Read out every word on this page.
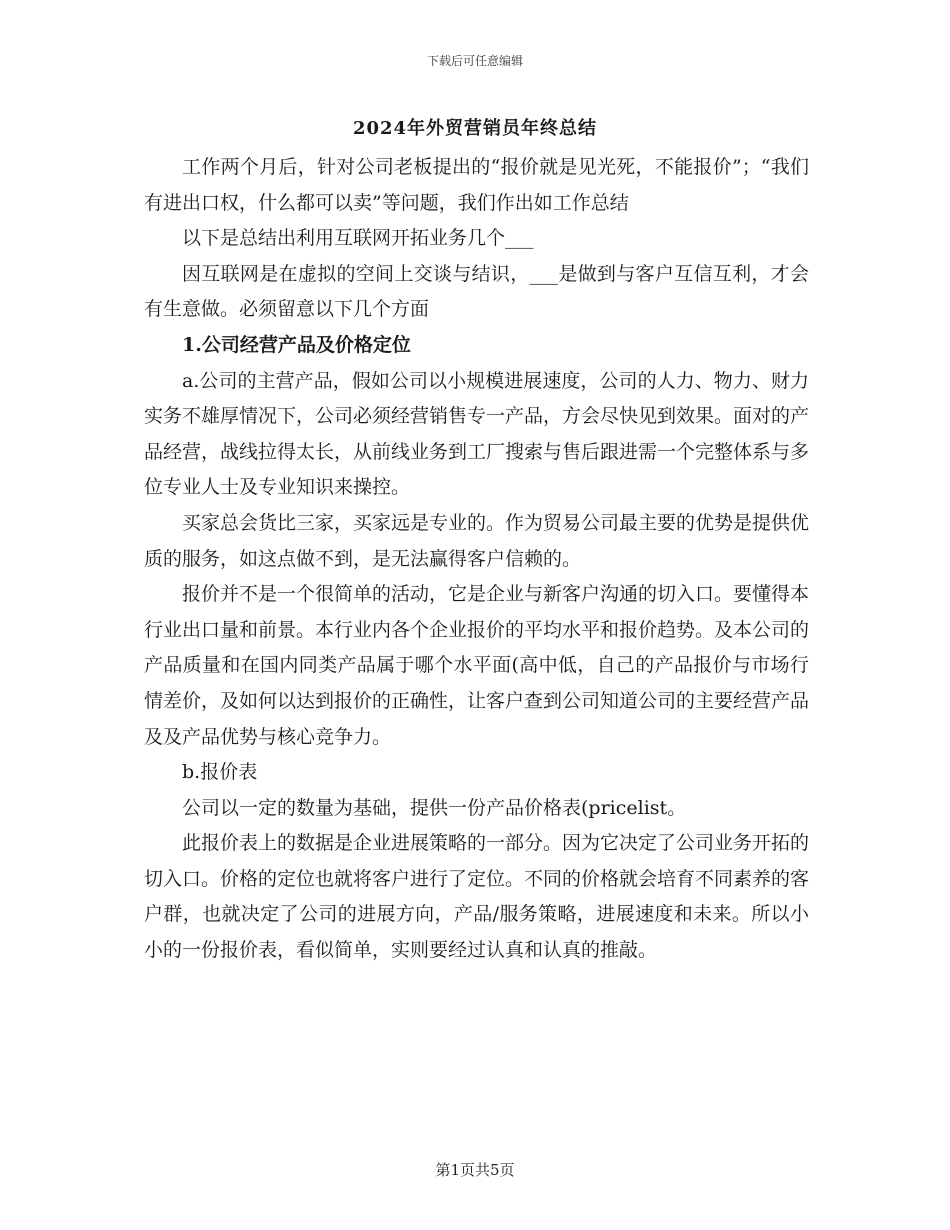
下载后可任意编辑
2024年外贸营销员年终总结

工作两个月后，针对公司老板提出的“报价就是见光死，不能报价”；“我们有进出口权，什么都可以卖”等问题，我们作出如工作总结

以下是总结出利用互联网开拓业务几个___

因互联网是在虚拟的空间上交谈与结识，___是做到与客户互信互利，才会有生意做。必须留意以下几个方面

1.公司经营产品及价格定位

a.公司的主营产品，假如公司以小规模进展速度，公司的人力、物力、财力实务不雄厚情况下，公司必须经营销售专一产品，方会尽快见到效果。面对的产品经营，战线拉得太长，从前线业务到工厂搜索与售后跟进需一个完整体系与多位专业人士及专业知识来操控。

买家总会货比三家，买家远是专业的。作为贸易公司最主要的优势是提供优质的服务，如这点做不到，是无法赢得客户信赖的。

报价并不是一个很简单的活动，它是企业与新客户沟通的切入口。要懂得本行业出口量和前景。本行业内各个企业报价的平均水平和报价趋势。及本公司的产品质量和在国内同类产品属于哪个水平面(高中低，自己的产品报价与市场行情差价，及如何以达到报价的正确性，让客户查到公司知道公司的主要经营产品及及产品优势与核心竞争力。

b.报价表

公司以一定的数量为基础，提供一份产品价格表(pricelist。

此报价表上的数据是企业进展策略的一部分。因为它决定了公司业务开拓的切入口。价格的定位也就将客户进行了定位。不同的价格就会培育不同素养的客户群，也就决定了公司的进展方向，产品/服务策略，进展速度和未来。所以小小的一份报价表，看似简单，实则要经过认真和认真的推敲。

第1页共5页
